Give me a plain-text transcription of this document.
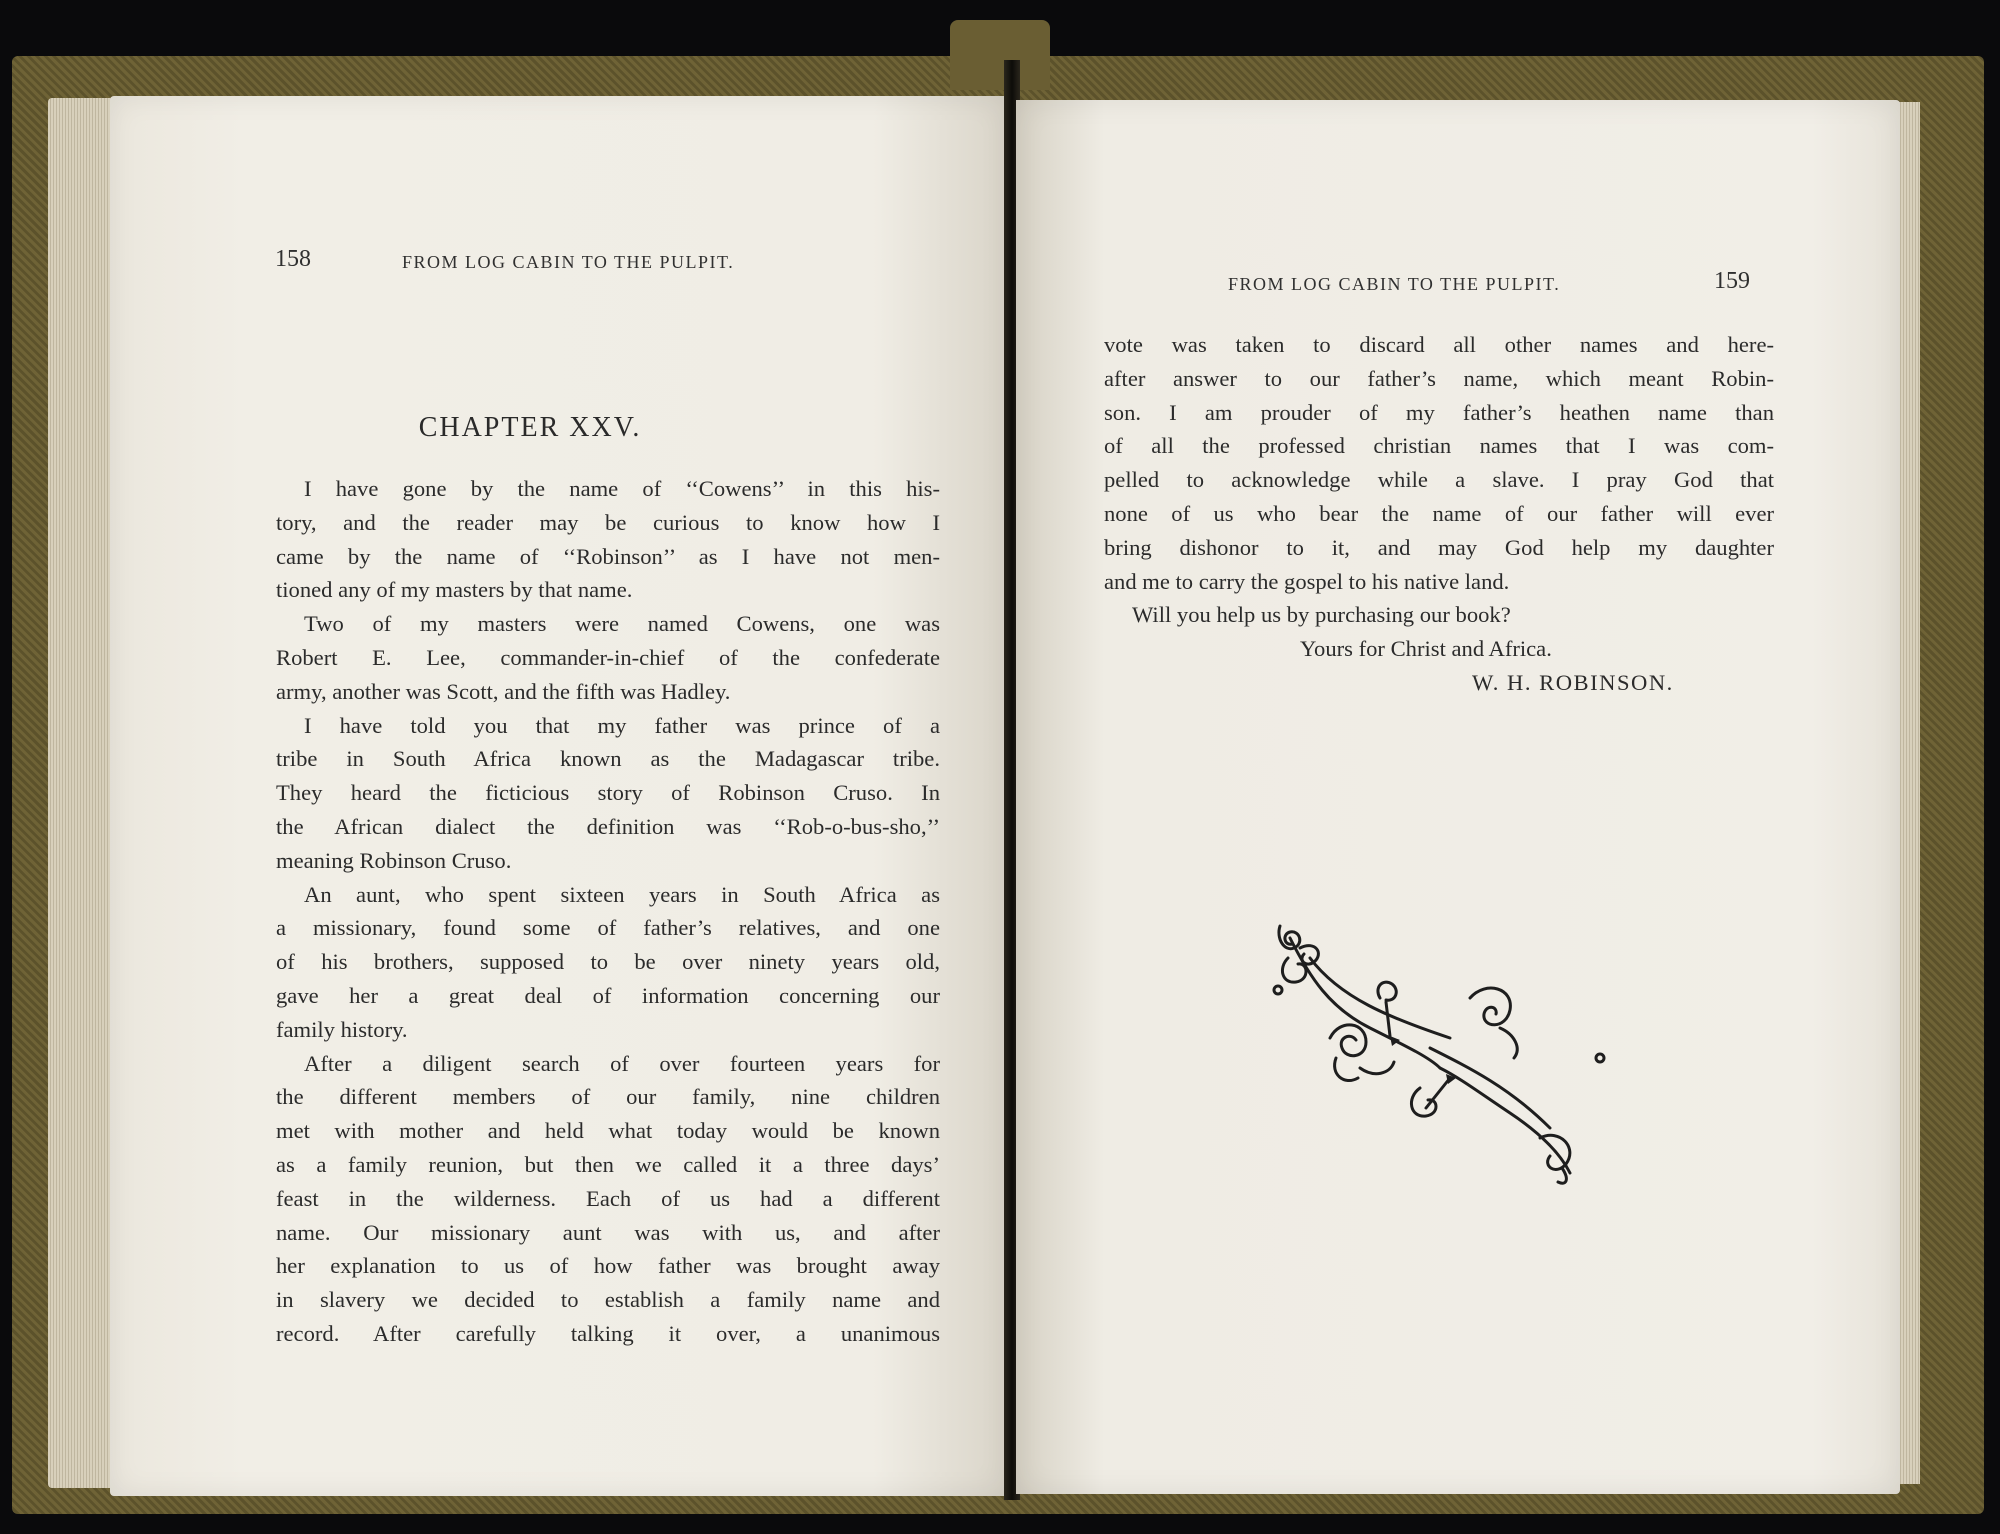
158	FROM LOG CABIN TO THE PULPIT.
CHAPTER XXV.

I have gone by the name of ‘‘Cowens’’ in this his-

tory, and the reader may be curious to know how I

came by the name of ‘‘Robinson’’ as I have not men-

tioned any of my masters by that name.

Two of my masters were named Cowens, one was

Robert E. Lee, commander-in-chief of the confederate

army, another was Scott, and the fifth was Hadley.

I have told you that my father was prince of a

tribe in South Africa known as the Madagascar tribe.

They heard the ficticious story of Robinson Cruso. In

the African dialect the definition was ‘‘Rob-o-bus-sho,’’

meaning Robinson Cruso.

An aunt, who spent sixteen years in South Africa as

a missionary, found some of father’s relatives, and one

of his brothers, supposed to be over ninety years old,

gave her a great deal of information concerning our

family history.

After a diligent search of over fourteen years for

the different members of our family, nine children

met with mother and held what today would be known

as a family reunion, but then we called it a three days’

feast in the wilderness. Each of us had a different

name. Our missionary aunt was with us, and after

her explanation to us of how father was brought away

in slavery we decided to establish a family name and

record. After carefully talking it over, a unanimous

FROM LOG CABIN TO THE PULPIT.	159

vote was taken to discard all other names and here-

after answer to our father’s name, which meant Robin-

son. I am prouder of my father’s heathen name than

of all the professed christian names that I was com-

pelled to acknowledge while a slave. I pray God that

none of us who bear the name of our father will ever

bring dishonor to it, and may God help my daughter

and me to carry the gospel to his native land.

Will you help us by purchasing our book?
Yours for Christ and Africa.
W. H. ROBINSON.
